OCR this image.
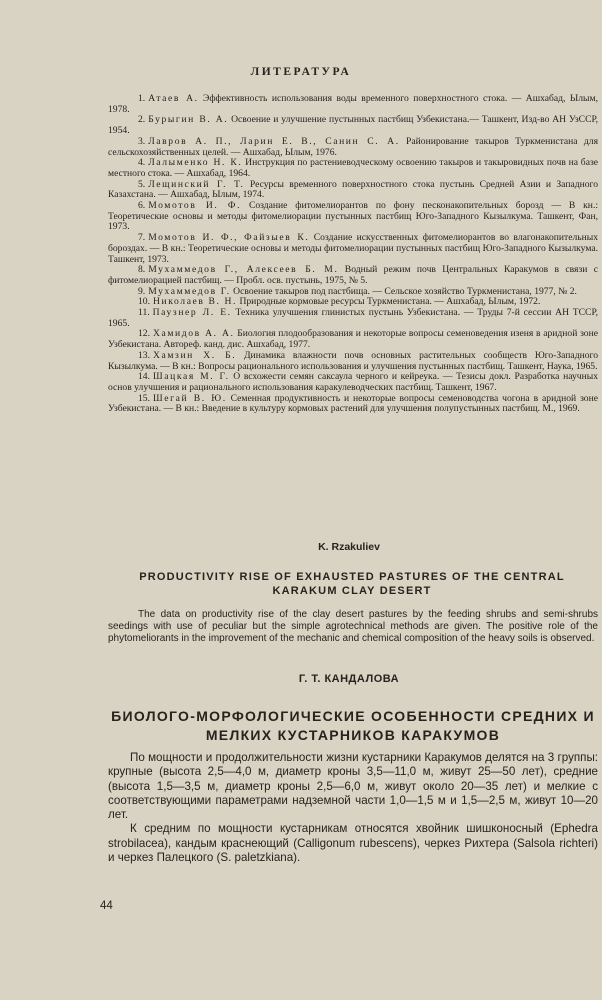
ЛИТЕРАТУРА
1. Атаев А. Эффективность использования воды временного поверхностного стока. — Ашхабад, Ылым, 1978.
2. Бурыгин В. А. Освоение и улучшение пустынных пастбищ Узбекистана.— Ташкент, Изд-во АН УзССР, 1954.
3. Лавров А. П., Ларин Е. В., Санин С. А. Районирование такыров Туркменистана для сельскохозяйственных целей. — Ашхабад, Ылым, 1976.
4. Лалыменко Н. К. Инструкция по растениеводческому освоению такыров и такыровидных почв на базе местного стока. — Ашхабад, 1964.
5. Лещинский Г. Т. Ресурсы временного поверхностного стока пустынь Средней Азии и Западного Казахстана. — Ашхабад, Ылым, 1974.
6. Момотов И. Ф. Создание фитомелиорантов по фону песконакопительных борозд — В кн.: Теоретические основы и методы фитомелиорации пустынных пастбищ Юго-Западного Кызылкума. Ташкент, Фан, 1973.
7. Момотов И. Ф., Файзыев К. Создание искусственных фитомелиорантов во влагонакопительных бороздах. — В кн.: Теоретические основы и методы фитомелиорации пустынных пастбищ Юго-Западного Кызылкума. Ташкент, 1973.
8. Мухаммедов Г., Алексеев Б. М. Водный режим почв Центральных Каракумов в связи с фитомелиорацией пастбищ. — Пробл. осв. пустынь, 1975, № 5.
9. Мухаммедов Г. Освоение такыров под пастбища. — Сельское хозяйство Туркменистана, 1977, № 2.
10. Николаев В. Н. Природные кормовые ресурсы Туркменистана. — Ашхабад, Ылым, 1972.
11. Паузнер Л. Е. Техника улучшения глинистых пустынь Узбекистана. — Труды 7-й сессии АН ТССР, 1965.
12. Хамидов А. А. Биология плодообразования и некоторые вопросы семеноведения изеня в аридной зоне Узбекистана. Автореф. канд. дис. Ашхабад, 1977.
13. Хамзин Х. Б. Динамика влажности почв основных растительных сообществ Юго-Западного Кызылкума. — В кн.: Вопросы рационального использования и улучшения пустынных пастбищ. Ташкент, Наука, 1965.
14. Шацкая М. Г. О всхожести семян саксаула черного и кейреука. — Тезисы докл. Разработка научных основ улучшения и рационального использования каракулеводческих пастбищ. Ташкент, 1967.
15. Шегай В. Ю. Семенная продуктивность и некоторые вопросы семеноводства чогона в аридной зоне Узбекистана. — В кн.: Введение в культуру кормовых растений для улучшения полупустынных пастбищ. М., 1969.
K. Rzakuliev
PRODUCTIVITY RISE OF EXHAUSTED PASTURES OF THE CENTRAL KARAKUM CLAY DESERT

The data on productivity rise of the clay desert pastures by the feeding shrubs and semi-shrubs seedings with use of peculiar but the simple agrotechnical methods are given. The positive role of the phytomeliorants in the improvement of the mechanic and chemical composition of the heavy soils is observed.

Г. Т. КАНДАЛОВА
БИОЛОГО-МОРФОЛОГИЧЕСКИЕ ОСОБЕННОСТИ СРЕДНИХ И МЕЛКИХ КУСТАРНИКОВ КАРАКУМОВ

По мощности и продолжительности жизни кустарники Каракумов делятся на 3 группы: крупные (высота 2,5—4,0 м, диаметр кроны 3,5—11,0 м, живут 25—50 лет), средние (высота 1,5—3,5 м, диаметр кроны 2,5—6,0 м, живут около 20—35 лет) и мелкие с соответствующими параметрами надземной части 1,0—1,5 м и 1,5—2,5 м, живут 10—20 лет.

К средним по мощности кустарникам относятся хвойник шишконосный (Ephedra strobilacea), кандым краснеющий (Calligonum rubescens), черкез Рихтера (Salsola richteri) и черкез Палецкого (S. paletzkiana).

44
